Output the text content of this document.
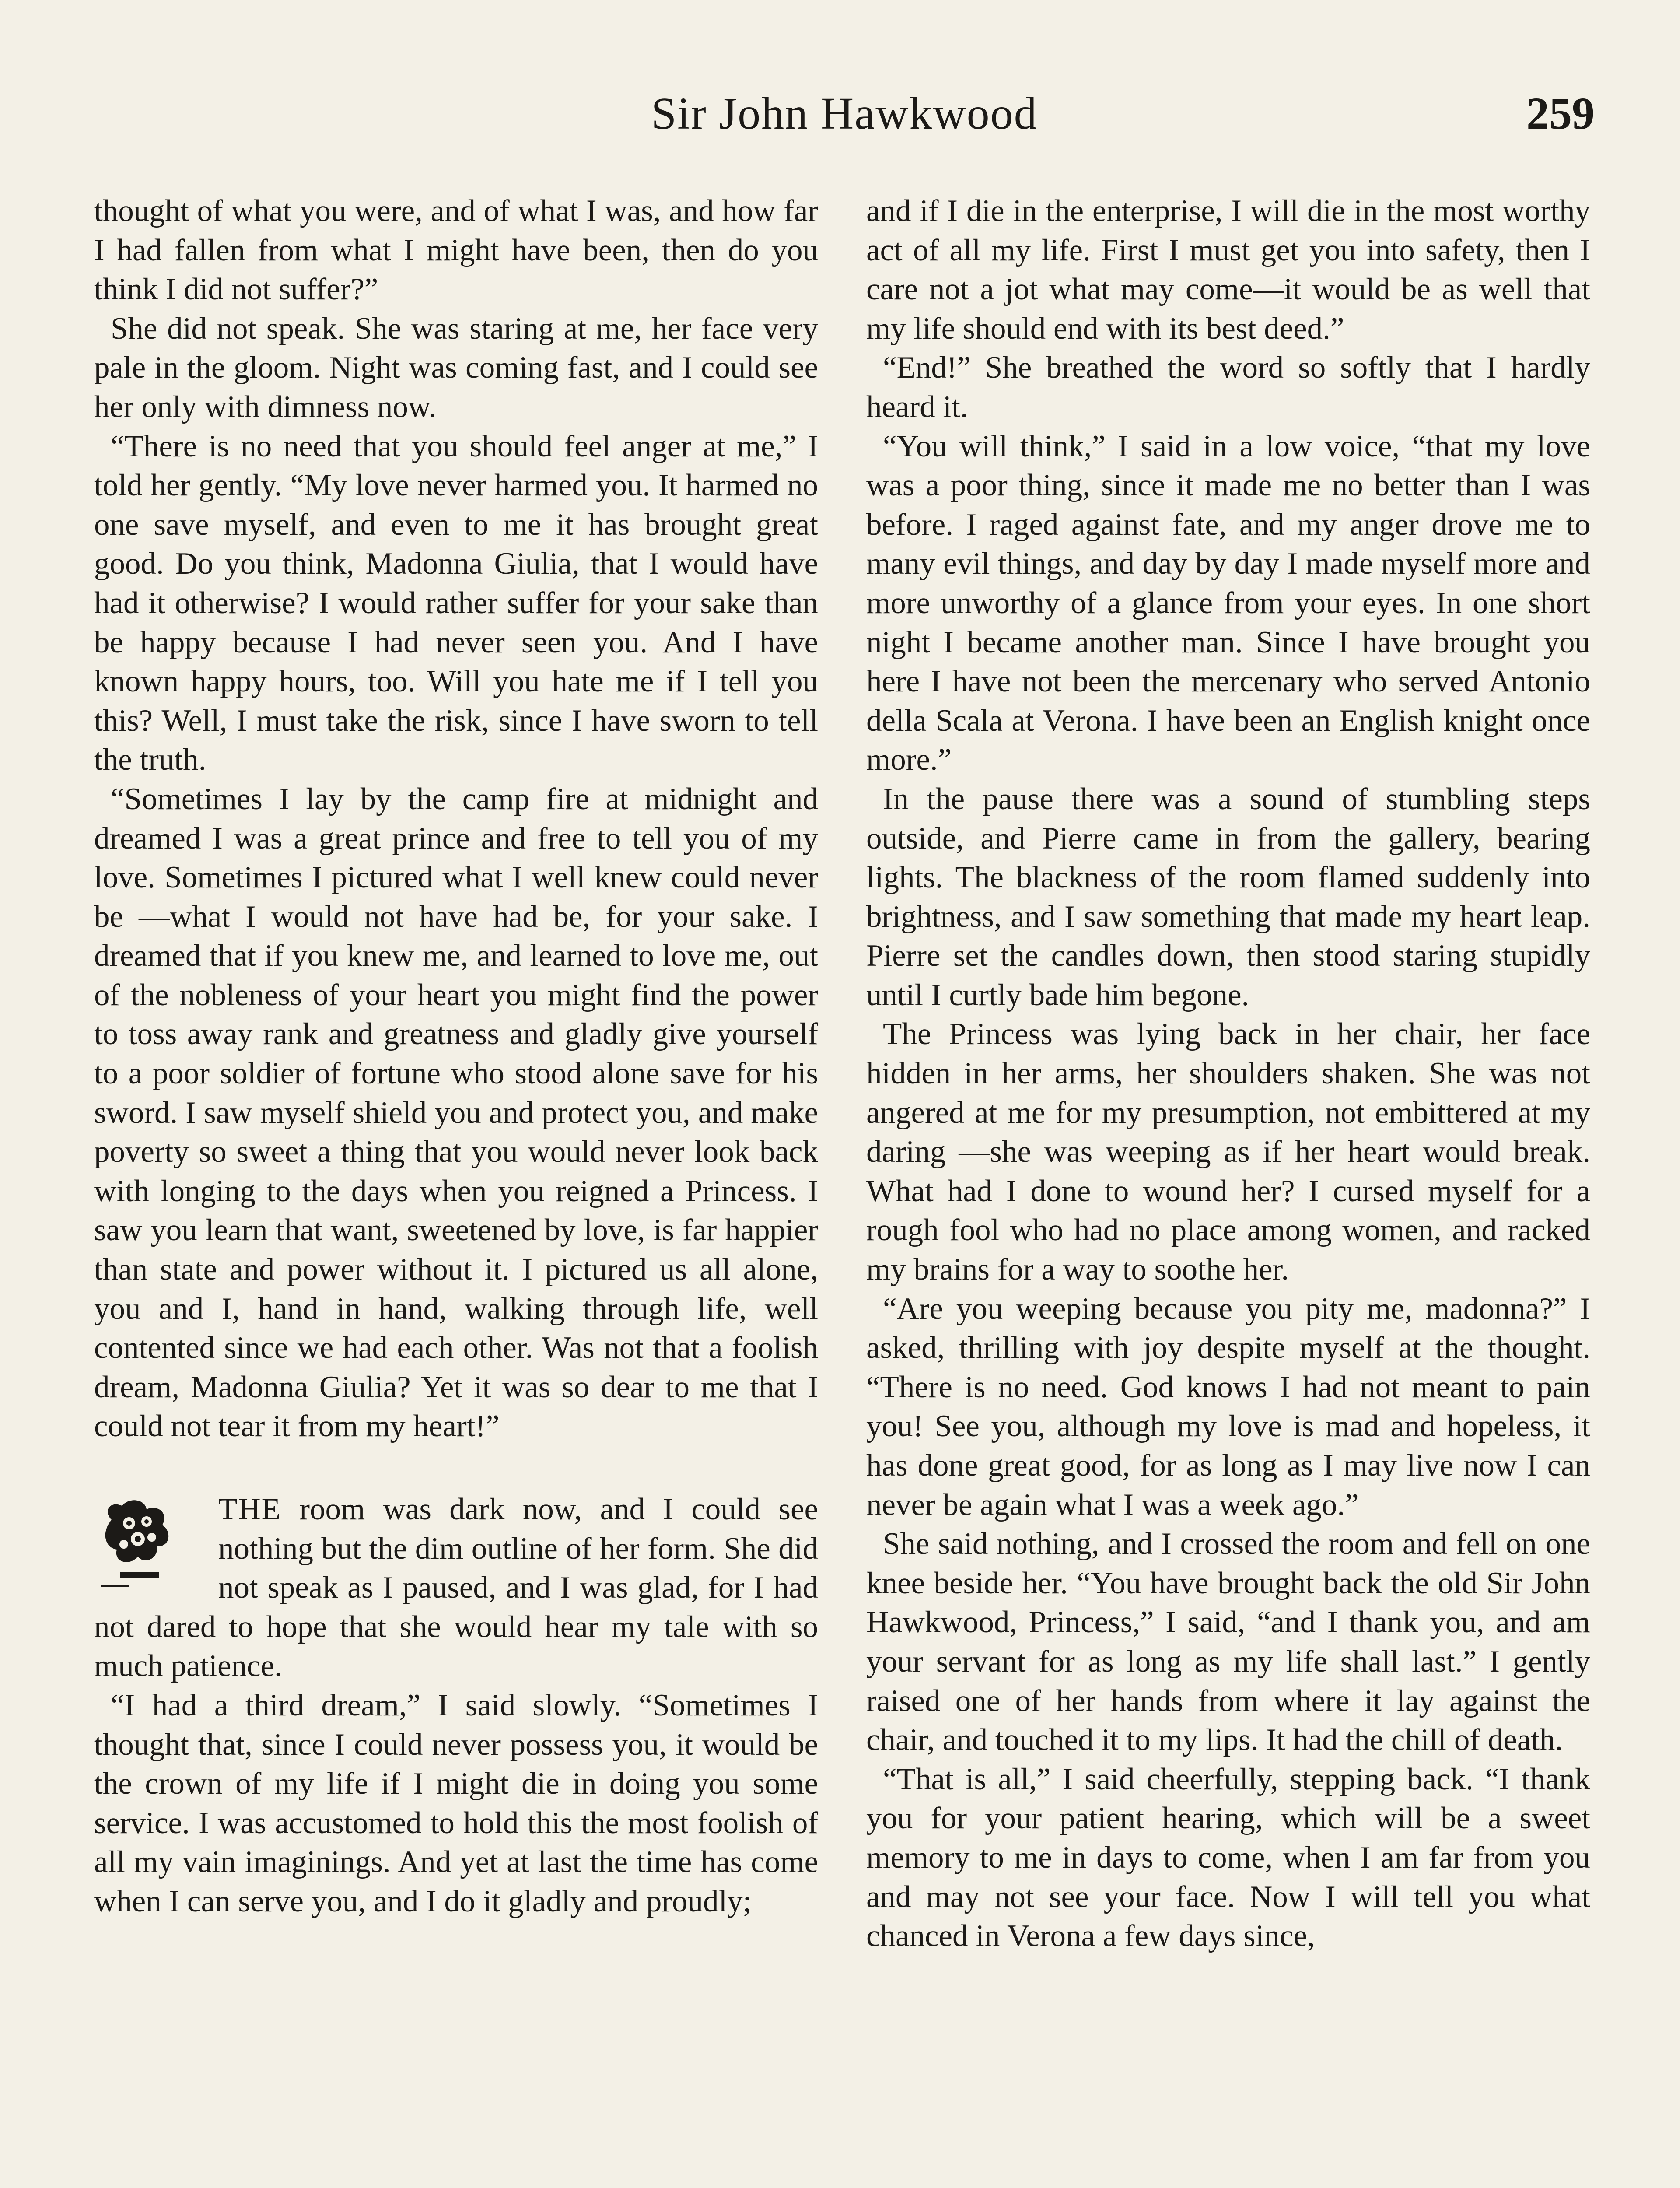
Sir John Hawkwood	259

thought of what you were, and of what I was, and how far I had fallen from what I might have been, then do you think I did not suffer?”

She did not speak. She was staring at me, her face very pale in the gloom. Night was coming fast, and I could see her only with dimness now.

“There is no need that you should feel anger at me,” I told her gently. “My love never harmed you. It harmed no one save myself, and even to me it has brought great good. Do you think, Madonna Giulia, that I would have had it otherwise? I would rather suffer for your sake than be happy because I had never seen you. And I have known happy hours, too. Will you hate me if I tell you this? Well, I must take the risk, since I have sworn to tell the truth.

“Sometimes I lay by the camp fire at midnight and dreamed I was a great prince and free to tell you of my love. Sometimes I pictured what I well knew could never be —what I would not have had be, for your sake. I dreamed that if you knew me, and learned to love me, out of the nobleness of your heart you might find the power to toss away rank and greatness and gladly give yourself to a poor soldier of fortune who stood alone save for his sword. I saw myself shield you and protect you, and make poverty so sweet a thing that you would never look back with longing to the days when you reigned a Princess. I saw you learn that want, sweetened by love, is far happier than state and power without it. I pictured us all alone, you and I, hand in hand, walking through life, well contented since we had each other. Was not that a foolish dream, Madonna Giulia? Yet it was so dear to me that I could not tear it from my heart!”

THE room was dark now, and I could see nothing but the dim outline of her form. She did not speak as I paused, and I was glad, for I had not dared to hope that she would hear my tale with so much patience.

“I had a third dream,” I said slowly. “Sometimes I thought that, since I could never possess you, it would be the crown of my life if I might die in doing you some service. I was accustomed to hold this the most foolish of all my vain imaginings. And yet at last the time has come when I can serve you, and I do it gladly and proudly;

and if I die in the enterprise, I will die in the most worthy act of all my life. First I must get you into safety, then I care not a jot what may come—it would be as well that my life should end with its best deed.”

“End!” She breathed the word so softly that I hardly heard it.

“You will think,” I said in a low voice, “that my love was a poor thing, since it made me no better than I was before. I raged against fate, and my anger drove me to many evil things, and day by day I made myself more and more unworthy of a glance from your eyes. In one short night I became another man. Since I have brought you here I have not been the mercenary who served Antonio della Scala at Verona. I have been an English knight once more.”

In the pause there was a sound of stumbling steps outside, and Pierre came in from the gallery, bearing lights. The blackness of the room flamed suddenly into brightness, and I saw something that made my heart leap. Pierre set the candles down, then stood staring stupidly until I curtly bade him begone.

The Princess was lying back in her chair, her face hidden in her arms, her shoulders shaken. She was not angered at me for my presumption, not embittered at my daring —she was weeping as if her heart would break. What had I done to wound her? I cursed myself for a rough fool who had no place among women, and racked my brains for a way to soothe her.

“Are you weeping because you pity me, madonna?” I asked, thrilling with joy despite myself at the thought. “There is no need. God knows I had not meant to pain you! See you, although my love is mad and hopeless, it has done great good, for as long as I may live now I can never be again what I was a week ago.”

She said nothing, and I crossed the room and fell on one knee beside her. “You have brought back the old Sir John Hawkwood, Princess,” I said, “and I thank you, and am your servant for as long as my life shall last.” I gently raised one of her hands from where it lay against the chair, and touched it to my lips. It had the chill of death.

“That is all,” I said cheerfully, stepping back. “I thank you for your patient hearing, which will be a sweet memory to me in days to come, when I am far from you and may not see your face. Now I will tell you what chanced in Verona a few days since,
